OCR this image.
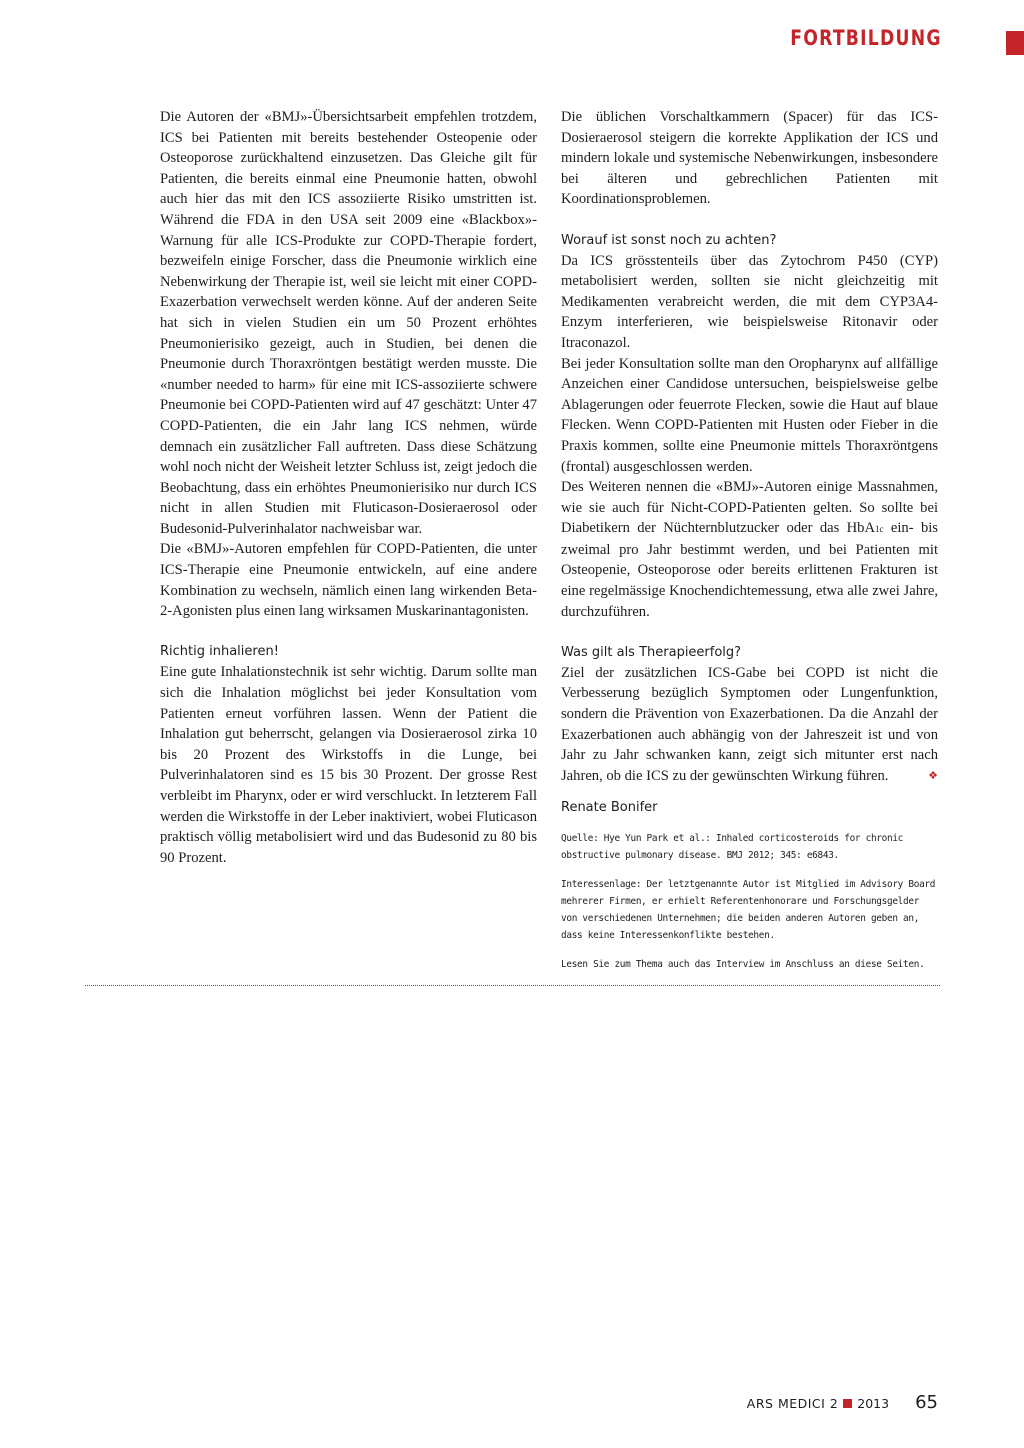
FORTBILDUNG

Die Autoren der «BMJ»-Übersichtsarbeit empfehlen trotzdem, ICS bei Patienten mit bereits bestehender Osteopenie oder Osteoporose zurückhaltend einzusetzen. Das Gleiche gilt für Patienten, die bereits einmal eine Pneumonie hatten, obwohl auch hier das mit den ICS assoziierte Risiko umstritten ist. Während die FDA in den USA seit 2009 eine «Blackbox»-Warnung für alle ICS-Produkte zur COPD-Therapie fordert, bezweifeln einige Forscher, dass die Pneumonie wirklich eine Nebenwirkung der Therapie ist, weil sie leicht mit einer COPD-Exazerbation verwechselt werden könne. Auf der anderen Seite hat sich in vielen Studien ein um 50 Prozent erhöhtes Pneumonierisiko gezeigt, auch in Studien, bei denen die Pneumonie durch Thoraxröntgen bestätigt werden musste. Die «number needed to harm» für eine mit ICS-assoziierte schwere Pneumonie bei COPD-Patienten wird auf 47 geschätzt: Unter 47 COPD-Patienten, die ein Jahr lang ICS nehmen, würde demnach ein zusätzlicher Fall auftreten. Dass diese Schätzung wohl noch nicht der Weisheit letzter Schluss ist, zeigt jedoch die Beobachtung, dass ein erhöhtes Pneumonierisiko nur durch ICS nicht in allen Studien mit Fluticason-Dosieraerosol oder Budesonid-Pulverinhalator nachweisbar war.

Die «BMJ»-Autoren empfehlen für COPD-Patienten, die unter ICS-Therapie eine Pneumonie entwickeln, auf eine andere Kombination zu wechseln, nämlich einen lang wirkenden Beta-2-Agonisten plus einen lang wirksamen Muskarinantagonisten.

Richtig inhalieren!

Eine gute Inhalationstechnik ist sehr wichtig. Darum sollte man sich die Inhalation möglichst bei jeder Konsultation vom Patienten erneut vorführen lassen. Wenn der Patient die Inhalation gut beherrscht, gelangen via Dosieraerosol zirka 10 bis 20 Prozent des Wirkstoffs in die Lunge, bei Pulverinhalatoren sind es 15 bis 30 Prozent. Der grosse Rest verbleibt im Pharynx, oder er wird verschluckt. In letzterem Fall werden die Wirkstoffe in der Leber inaktiviert, wobei Fluticason praktisch völlig metabolisiert wird und das Budesonid zu 80 bis 90 Prozent.

Die üblichen Vorschaltkammern (Spacer) für das ICS-Dosieraerosol steigern die korrekte Applikation der ICS und mindern lokale und systemische Nebenwirkungen, insbesondere bei älteren und gebrechlichen Patienten mit Koordinationsproblemen.

Worauf ist sonst noch zu achten?

Da ICS grösstenteils über das Zytochrom P450 (CYP) metabolisiert werden, sollten sie nicht gleichzeitig mit Medikamenten verabreicht werden, die mit dem CYP3A4-Enzym interferieren, wie beispielsweise Ritonavir oder Itraconazol.

Bei jeder Konsultation sollte man den Oropharynx auf allfällige Anzeichen einer Candidose untersuchen, beispielsweise gelbe Ablagerungen oder feuerrote Flecken, sowie die Haut auf blaue Flecken. Wenn COPD-Patienten mit Husten oder Fieber in die Praxis kommen, sollte eine Pneumonie mittels Thoraxröntgens (frontal) ausgeschlossen werden.

Des Weiteren nennen die «BMJ»-Autoren einige Massnahmen, wie sie auch für Nicht-COPD-Patienten gelten. So sollte bei Diabetikern der Nüchternblutzucker oder das HbA1c ein- bis zweimal pro Jahr bestimmt werden, und bei Patienten mit Osteopenie, Osteoporose oder bereits erlittenen Frakturen ist eine regelmässige Knochendichtemessung, etwa alle zwei Jahre, durchzuführen.

Was gilt als Therapieerfolg?

Ziel der zusätzlichen ICS-Gabe bei COPD ist nicht die Verbesserung bezüglich Symptomen oder Lungenfunktion, sondern die Prävention von Exazerbationen. Da die Anzahl der Exazerbationen auch abhängig von der Jahreszeit ist und von Jahr zu Jahr schwanken kann, zeigt sich mitunter erst nach Jahren, ob die ICS zu der gewünschten Wirkung führen.	❖

Renate Bonifer

Quelle: Hye Yun Park et al.: Inhaled corticosteroids for chronic obstructive pulmonary disease. BMJ 2012; 345: e6843.

Interessenlage: Der letztgenannte Autor ist Mitglied im Advisory Board mehrerer Firmen, er erhielt Referentenhonorare und Forschungsgelder von verschiedenen Unternehmen; die beiden anderen Autoren geben an, dass keine Interessenkonflikte bestehen.

Lesen Sie zum Thema auch das Interview im Anschluss an diese Seiten.

ARS MEDICI 2 2013 65
